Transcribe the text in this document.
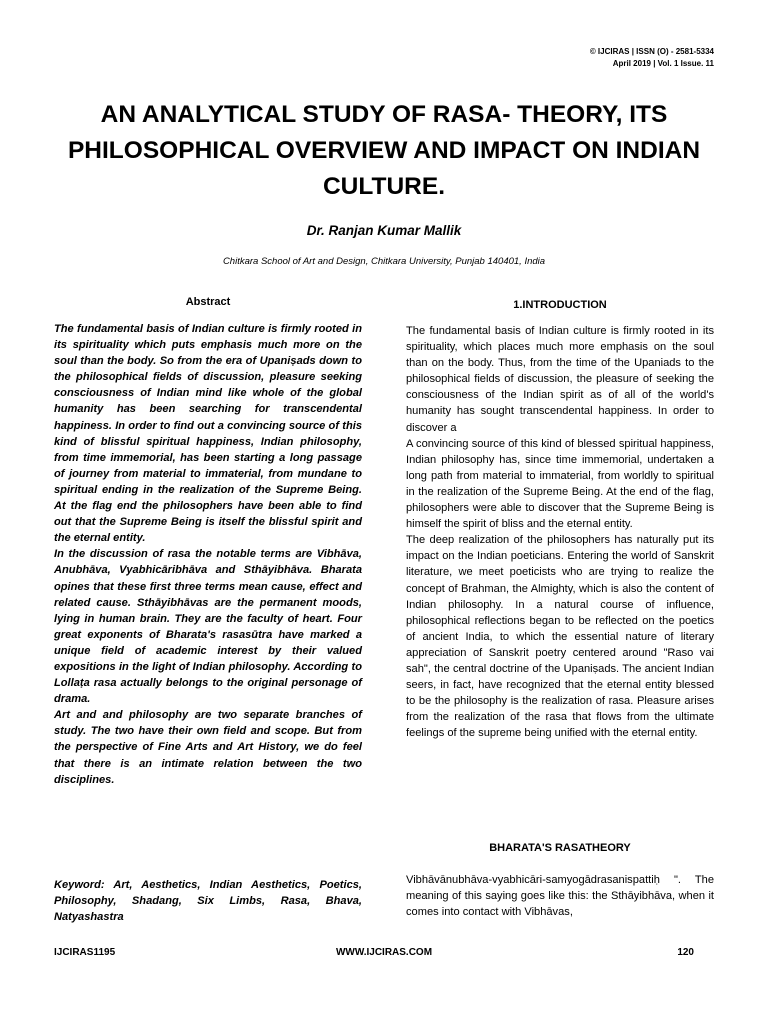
© IJCIRAS | ISSN (O) - 2581-5334
April 2019 | Vol. 1 Issue. 11
AN ANALYTICAL STUDY OF RASA- THEORY, ITS
PHILOSOPHICAL OVERVIEW AND IMPACT ON INDIAN
CULTURE.
Dr. Ranjan Kumar Mallik
Chitkara School of Art and Design, Chitkara University, Punjab 140401, India
Abstract

The fundamental basis of Indian culture is firmly rooted in its spirituality which puts emphasis much more on the soul than the body. So from the era of Upaniṣads down to the philosophical fields of discussion, pleasure seeking consciousness of Indian mind like whole of the global humanity has been searching for transcendental happiness. In order to find out a convincing source of this kind of blissful spiritual happiness, Indian philosophy, from time immemorial, has been starting a long passage of journey from material to immaterial, from mundane to spiritual ending in the realization of the Supreme Being. At the flag end the philosophers have been able to find out that the Supreme Being is itself the blissful spirit and the eternal entity.

In the discussion of rasa the notable terms are Vibhāva, Anubhāva, Vyabhicāribhāva and Sthāyibhāva. Bharata opines that these first three terms mean cause, effect and related cause. Sthāyibhāvas are the permanent moods, lying in human brain. They are the faculty of heart. Four great exponents of Bharata's rasasūtra have marked a unique field of academic interest by their valued expositions in the light of Indian philosophy. According to Lollaṭa rasa actually belongs to the original personage of drama.

Art and and philosophy are two separate branches of study. The two have their own field and scope. But from the perspective of Fine Arts and Art History, we do feel that there is an intimate relation between the two disciplines.

Keyword: Art, Aesthetics, Indian Aesthetics, Poetics, Philosophy, Shadang, Six Limbs, Rasa, Bhava, Natyashastra

1.INTRODUCTION

The fundamental basis of Indian culture is firmly rooted in its spirituality, which places much more emphasis on the soul than on the body. Thus, from the time of the Upaniads to the philosophical fields of discussion, the pleasure of seeking the consciousness of the Indian spirit as of all of the world's humanity has sought transcendental happiness. In order to discover a

A convincing source of this kind of blessed spiritual happiness, Indian philosophy has, since time immemorial, undertaken a long path from material to immaterial, from worldly to spiritual in the realization of the Supreme Being. At the end of the flag, philosophers were able to discover that the Supreme Being is himself the spirit of bliss and the eternal entity.

The deep realization of the philosophers has naturally put its impact on the Indian poeticians. Entering the world of Sanskrit literature, we meet poeticists who are trying to realize the concept of Brahman, the Almighty, which is also the content of Indian philosophy. In a natural course of influence, philosophical reflections began to be reflected on the poetics of ancient India, to which the essential nature of literary appreciation of Sanskrit poetry centered around "Raso vai sah", the central doctrine of the Upaniṣads. The ancient Indian seers, in fact, have recognized that the eternal entity blessed to be the philosophy is the realization of rasa. Pleasure arises from the realization of the rasa that flows from the ultimate feelings of the supreme being unified with the eternal entity.

BHARATA'S RASATHEORY

Vibhāvānubhāva-vyabhicāri-samyogādrasanispattiḥ ". The meaning of this saying goes like this: the Sthāyibhāva, when it comes into contact with Vibhāvas,

IJCIRAS1195	WWW.IJCIRAS.COM	120
